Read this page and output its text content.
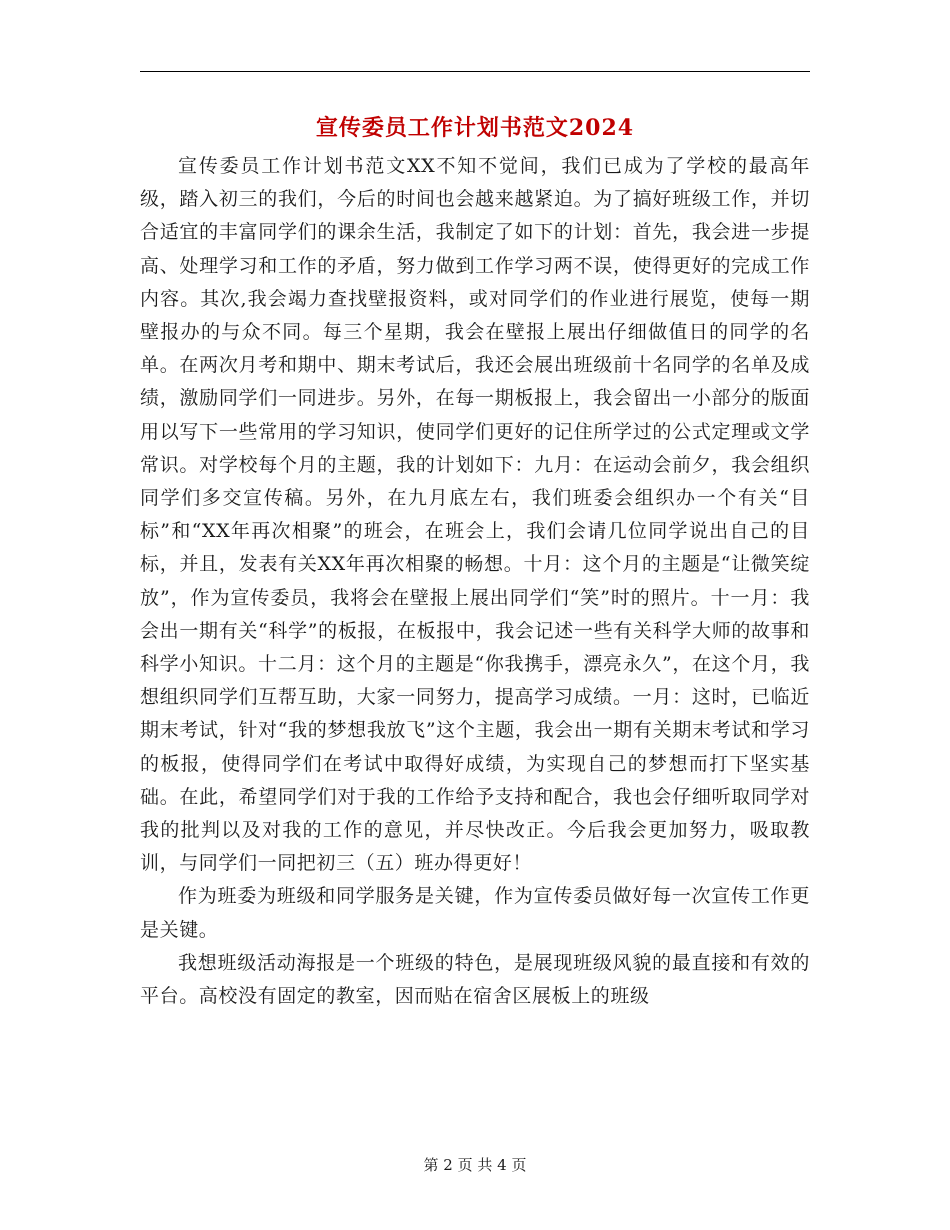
宣传委员工作计划书范文2024

宣传委员工作计划书范文XX不知不觉间，我们已成为了学校的最高年级，踏入初三的我们，今后的时间也会越来越紧迫。为了搞好班级工作，并切合适宜的丰富同学们的课余生活，我制定了如下的计划：首先，我会进一步提高、处理学习和工作的矛盾，努力做到工作学习两不误，使得更好的完成工作内容。其次,我会竭力查找壁报资料，或对同学们的作业进行展览，使每一期壁报办的与众不同。每三个星期，我会在壁报上展出仔细做值日的同学的名单。在两次月考和期中、期末考试后，我还会展出班级前十名同学的名单及成绩，激励同学们一同进步。另外，在每一期板报上，我会留出一小部分的版面用以写下一些常用的学习知识，使同学们更好的记住所学过的公式定理或文学常识。对学校每个月的主题，我的计划如下：九月：在运动会前夕，我会组织同学们多交宣传稿。另外，在九月底左右，我们班委会组织办一个有关“目标”和“XX年再次相聚”的班会，在班会上，我们会请几位同学说出自己的目标，并且，发表有关XX年再次相聚的畅想。十月：这个月的主题是“让微笑绽放”，作为宣传委员，我将会在壁报上展出同学们“笑”时的照片。十一月：我会出一期有关“科学”的板报，在板报中，我会记述一些有关科学大师的故事和科学小知识。十二月：这个月的主题是“你我携手，漂亮永久”，在这个月，我想组织同学们互帮互助，大家一同努力，提高学习成绩。一月：这时，已临近期末考试，针对“我的梦想我放飞”这个主题，我会出一期有关期末考试和学习的板报，使得同学们在考试中取得好成绩，为实现自己的梦想而打下坚实基础。在此，希望同学们对于我的工作给予支持和配合，我也会仔细听取同学对我的批判以及对我的工作的意见，并尽快改正。今后我会更加努力，吸取教训，与同学们一同把初三（五）班办得更好！

作为班委为班级和同学服务是关键，作为宣传委员做好每一次宣传工作更是关键。

我想班级活动海报是一个班级的特色，是展现班级风貌的最直接和有效的平台。高校没有固定的教室，因而贴在宿舍区展板上的班级

第 2 页 共 4 页
